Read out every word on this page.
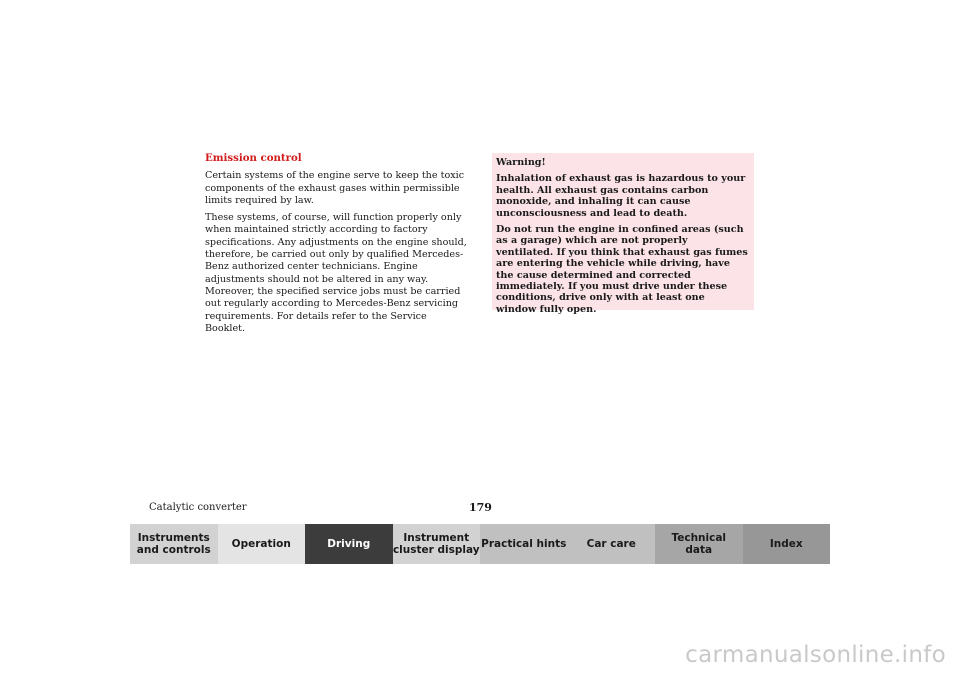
Emission control

Certain systems of the engine serve to keep the toxic components of the exhaust gases within permissible limits required by law.

These systems, of course, will function properly only when maintained strictly according to factory specifications. Any adjustments on the engine should, therefore, be carried out only by qualified Mercedes-Benz authorized center technicians. Engine adjustments should not be altered in any way. Moreover, the specified service jobs must be carried out regularly according to Mercedes-Benz servicing requirements. For details refer to the Service Booklet.

Warning!

Inhalation of exhaust gas is hazardous to your health. All exhaust gas contains carbon monoxide, and inhaling it can cause unconsciousness and lead to death.

Do not run the engine in confined areas (such as a garage) which are not properly ventilated. If you think that exhaust gas fumes are entering the vehicle while driving, have the cause determined and corrected immediately. If you must drive under these conditions, drive only with at least one window fully open.

Catalytic converter	179
Instruments
and controls
Operation	Driving
Instrument
cluster display
Practical hints Car care
Technical
data
Index
carmanualsonline.info
